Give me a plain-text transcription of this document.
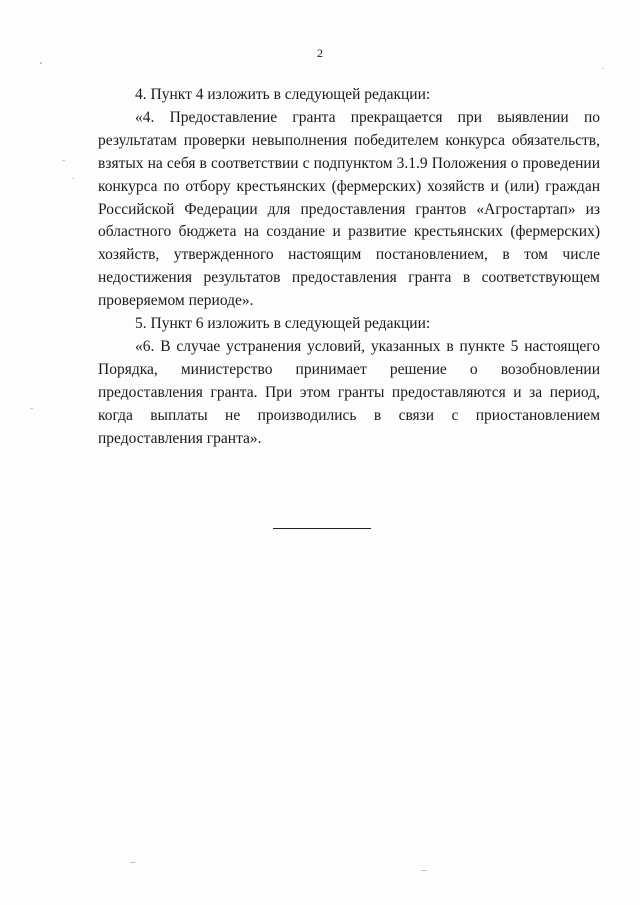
2

4. Пункт 4 изложить в следующей редакции:

«4. Предоставление гранта прекращается при выявлении по результатам проверки невыполнения победителем конкурса обязательств, взятых на себя в соответствии с подпунктом 3.1.9 Положения о проведении конкурса по отбору крестьянских (фермерских) хозяйств и (или) граждан Российской Федерации для предоставления грантов «Агростартап» из областного бюджета на создание и развитие крестьянских (фермерских) хозяйств, утвержденного настоящим постановлением, в том числе недостижения результатов предоставления гранта в соответствующем проверяемом периоде».

5. Пункт 6 изложить в следующей редакции:

«6. В случае устранения условий, указанных в пункте 5 настоящего Порядка, министерство принимает решение о возобновлении предоставления гранта. При этом гранты предоставляются и за период, когда выплаты не производились в связи с приостановлением предоставления гранта».
